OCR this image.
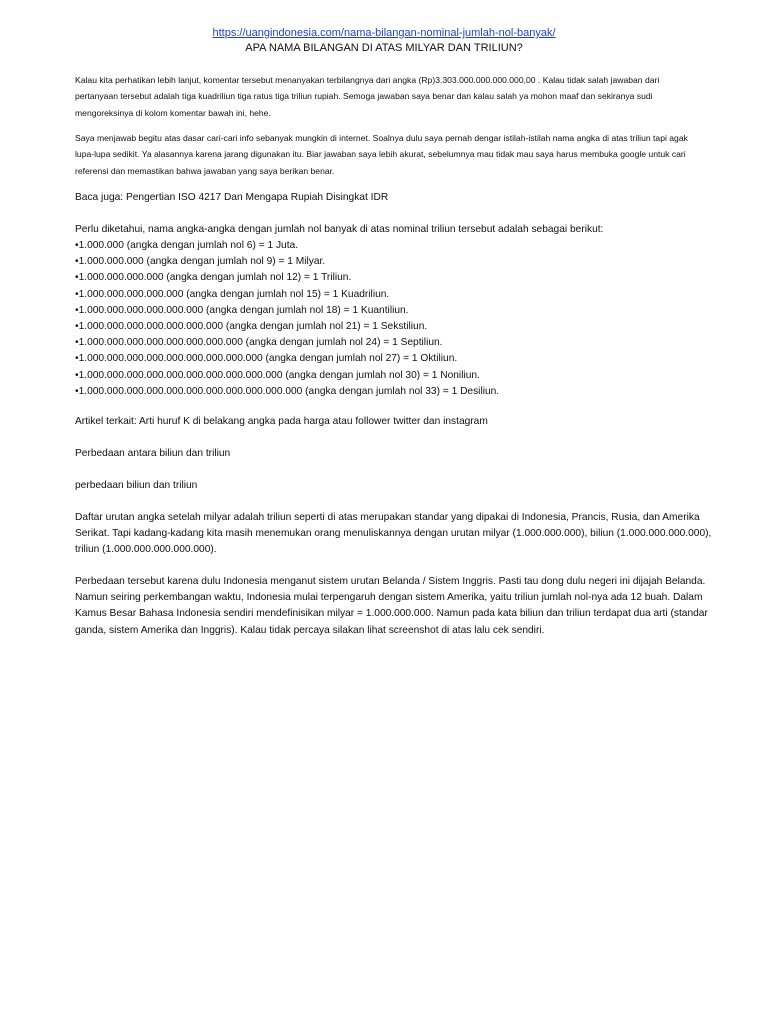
https://uangindonesia.com/nama-bilangan-nominal-jumlah-nol-banyak/
APA NAMA BILANGAN DI ATAS MILYAR DAN TRILIUN?

Kalau kita perhatikan lebih lanjut, komentar tersebut menanyakan terbilangnya dari angka (Rp)3.303.000.000.000.000,00 . Kalau tidak salah jawaban dari pertanyaan tersebut adalah tiga kuadriliun tiga ratus tiga triliun rupiah. Semoga jawaban saya benar dan kalau salah ya mohon maaf dan sekiranya sudi mengoreksinya di kolom komentar bawah ini, hehe.

Saya menjawab begitu atas dasar cari-cari info sebanyak mungkin di internet. Soalnya dulu saya pernah dengar istilah-istilah nama angka di atas triliun tapi agak lupa-lupa sedikit. Ya alasannya karena jarang digunakan itu. Biar jawaban saya lebih akurat, sebelumnya mau tidak mau saya harus membuka google untuk cari referensi dan memastikan bahwa jawaban yang saya berikan benar.

Baca juga: Pengertian ISO 4217 Dan Mengapa Rupiah Disingkat IDR

Perlu diketahui, nama angka-angka dengan jumlah nol banyak di atas nominal triliun tersebut adalah sebagai berikut:

•1.000.000 (angka dengan jumlah nol 6) = 1 Juta.
•1.000.000.000 (angka dengan jumlah nol 9) = 1 Milyar.
•1.000.000.000.000 (angka dengan jumlah nol 12) = 1 Triliun.
•1.000.000.000.000.000 (angka dengan jumlah nol 15) = 1 Kuadriliun.
•1.000.000.000.000.000.000 (angka dengan jumlah nol 18) = 1 Kuantiliun.
•1.000.000.000.000.000.000.000 (angka dengan jumlah nol 21) = 1 Sekstiliun.
•1.000.000.000.000.000.000.000.000 (angka dengan jumlah nol 24) = 1 Septiliun.
•1.000.000.000.000.000.000.000.000.000 (angka dengan jumlah nol 27) = 1 Oktiliun.
•1.000.000.000.000.000.000.000.000.000.000 (angka dengan jumlah nol 30) = 1 Noniliun.
•1.000.000.000.000.000.000.000.000.000.000.000 (angka dengan jumlah nol 33) = 1 Desiliun.

Artikel terkait: Arti huruf K di belakang angka pada harga atau follower twitter dan instagram

Perbedaan antara biliun dan triliun

perbedaan biliun dan triliun

Daftar urutan angka setelah milyar adalah triliun seperti di atas merupakan standar yang dipakai di Indonesia, Prancis, Rusia, dan Amerika Serikat. Tapi kadang-kadang kita masih menemukan orang menuliskannya dengan urutan milyar (1.000.000.000), biliun (1.000.000.000.000), triliun (1.000.000.000.000.000).

Perbedaan tersebut karena dulu Indonesia menganut sistem urutan Belanda / Sistem Inggris. Pasti tau dong dulu negeri ini dijajah Belanda. Namun seiring perkembangan waktu, Indonesia mulai terpengaruh dengan sistem Amerika, yaitu triliun jumlah nol-nya ada 12 buah. Dalam Kamus Besar Bahasa Indonesia sendiri mendefinisikan milyar = 1.000.000.000. Namun pada kata biliun dan triliun terdapat dua arti (standar ganda, sistem Amerika dan Inggris). Kalau tidak percaya silakan lihat screenshot di atas lalu cek sendiri.
